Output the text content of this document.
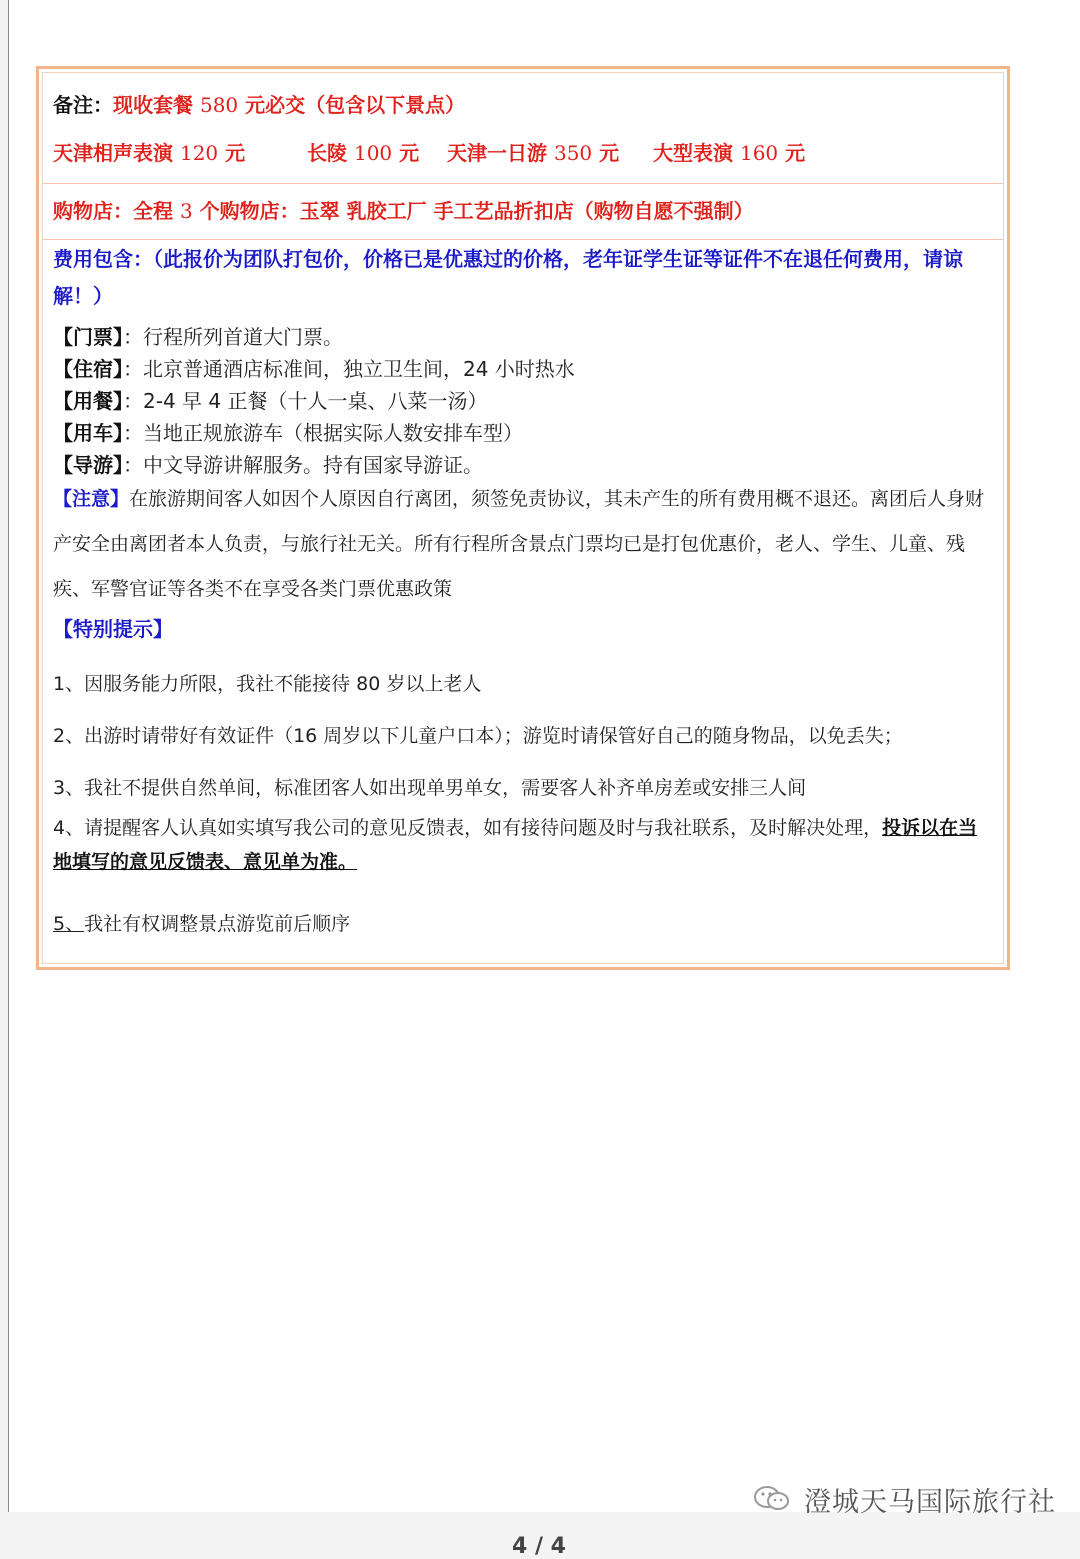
备注：现收套餐 580 元必交（包含以下景点）
天津相声表演 120 元	长陵 100 元 天津一日游 350 元 大型表演 160 元
购物店：全程 3 个购物店：玉翠 乳胶工厂 手工艺品折扣店（购物自愿不强制）
费用包含：（此报价为团队打包价，价格已是优惠过的价格，老年证学生证等证件不在退任何费用，请谅解！）
【门票】：行程所列首道大门票。
【住宿】：北京普通酒店标准间，独立卫生间，24 小时热水
【用餐】：2-4 早 4 正餐（十人一桌、八菜一汤）
【用车】：当地正规旅游车（根据实际人数安排车型）
【导游】：中文导游讲解服务。持有国家导游证。
【注意】在旅游期间客人如因个人原因自行离团，须签免责协议，其未产生的所有费用概不退还。离团后人身财产安全由离团者本人负责，与旅行社无关。所有行程所含景点门票均已是打包优惠价，老人、学生、儿童、残疾、军警官证等各类不在享受各类门票优惠政策
【特别提示】
1、因服务能力所限，我社不能接待 80 岁以上老人
2、出游时请带好有效证件（16 周岁以下儿童户口本）；游览时请保管好自己的随身物品，以免丢失；
3、我社不提供自然单间，标准团客人如出现单男单女，需要客人补齐单房差或安排三人间
4、请提醒客人认真如实填写我公司的意见反馈表，如有接待问题及时与我社联系，及时解决处理，投诉以在当地填写的意见反馈表、意见单为准。
5、我社有权调整景点游览前后顺序
澄城天马国际旅行社
4 / 4
